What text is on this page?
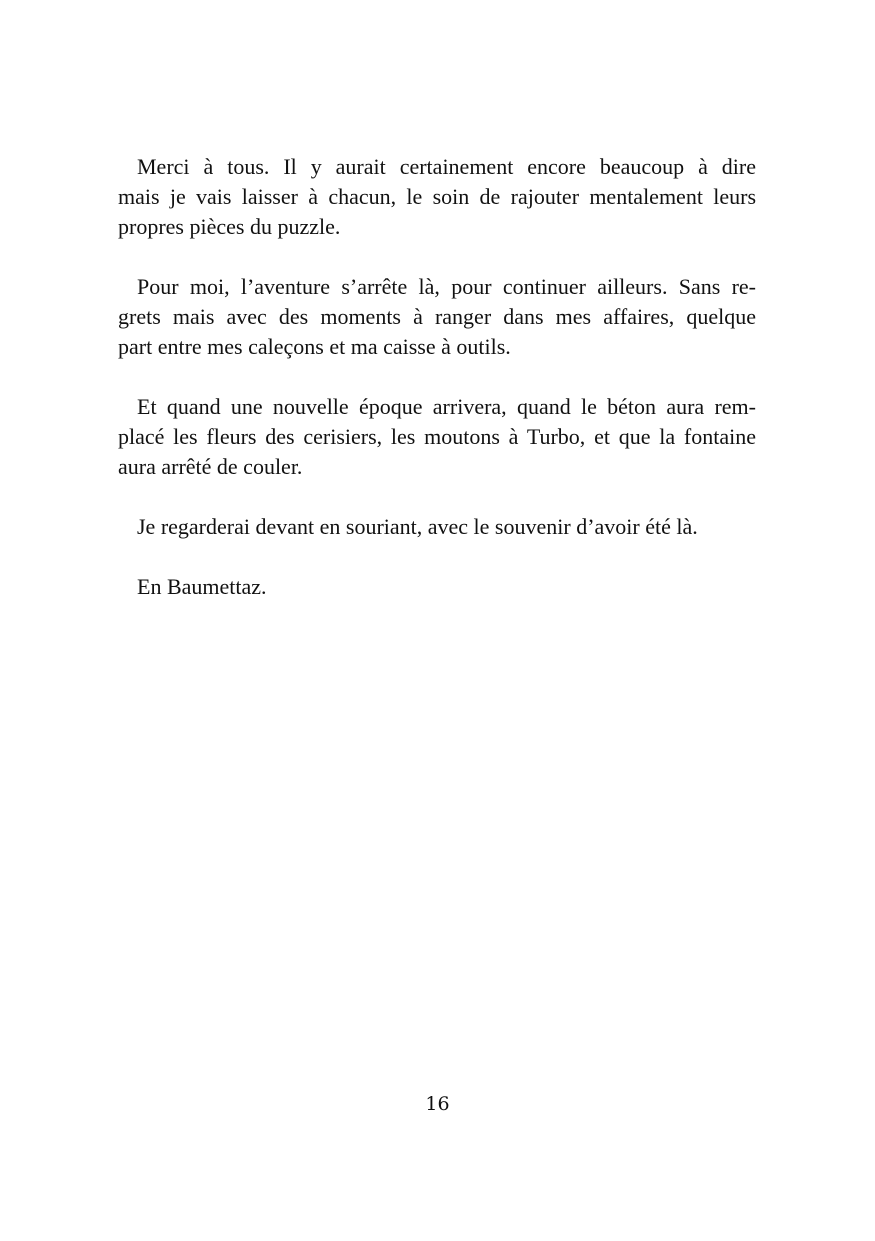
Merci à tous. Il y aurait certainement encore beaucoup à dire
mais je vais laisser à chacun, le soin de rajouter mentalement leurs
propres pièces du puzzle.
Pour moi, l’aventure s’arrête là, pour continuer ailleurs. Sans re-
grets mais avec des moments à ranger dans mes affaires, quelque
part entre mes caleçons et ma caisse à outils.
Et quand une nouvelle époque arrivera, quand le béton aura rem-
placé les fleurs des cerisiers, les moutons à Turbo, et que la fontaine
aura arrêté de couler.
Je regarderai devant en souriant, avec le souvenir d’avoir été là.
En Baumettaz.
16
